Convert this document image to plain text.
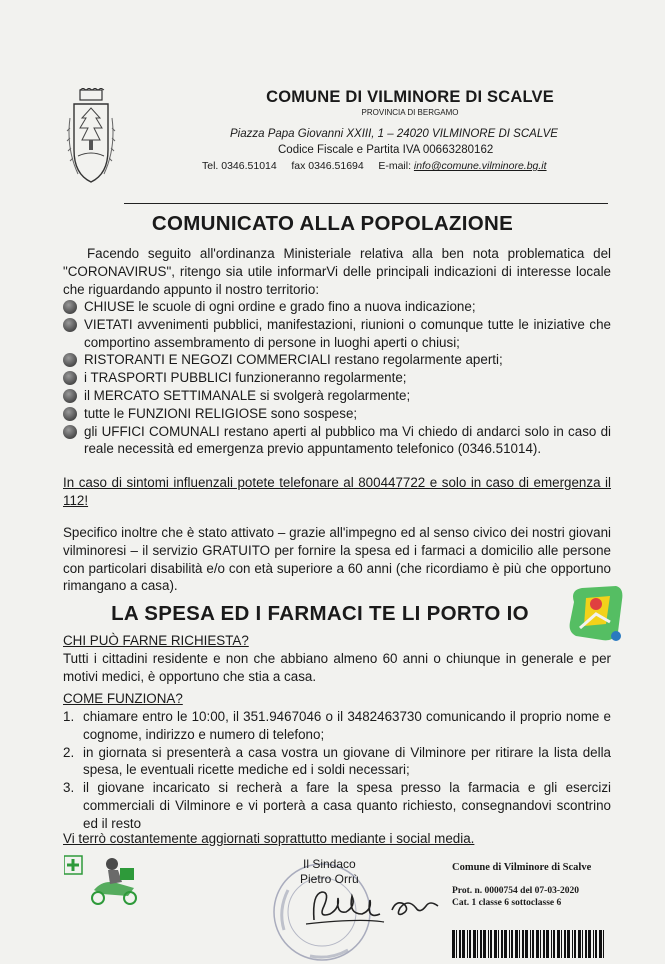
COMUNE DI VILMINORE DI SCALVE
PROVINCIA DI BERGAMO
Piazza Papa Giovanni XXIII, 1 – 24020 VILMINORE DI SCALVE
Codice Fiscale e Partita IVA 00663280162
Tel. 0346.51014 fax 0346.51694 E-mail: info@comune.vilminore.bg.it
COMUNICATO ALLA POPOLAZIONE
Facendo seguito all'ordinanza Ministeriale relativa alla ben nota problematica del "CORONAVIRUS", ritengo sia utile informarVi delle principali indicazioni di interesse locale che riguardando appunto il nostro territorio:
CHIUSE le scuole di ogni ordine e grado fino a nuova indicazione;
VIETATI avvenimenti pubblici, manifestazioni, riunioni o comunque tutte le iniziative che comportino assembramento di persone in luoghi aperti o chiusi;
RISTORANTI E NEGOZI COMMERCIALI restano regolarmente aperti;
i TRASPORTI PUBBLICI funzioneranno regolarmente;
il MERCATO SETTIMANALE si svolgerà regolarmente;
tutte le FUNZIONI RELIGIOSE sono sospese;
gli UFFICI COMUNALI restano aperti al pubblico ma Vi chiedo di andarci solo in caso di reale necessità ed emergenza previo appuntamento telefonico (0346.51014).
In caso di sintomi influenzali potete telefonare al 800447722 e solo in caso di emergenza il 112!
Specifico inoltre che è stato attivato – grazie all'impegno ed al senso civico dei nostri giovani vilminoresi – il servizio GRATUITO per fornire la spesa ed i farmaci a domicilio alle persone con particolari disabilità e/o con età superiore a 60 anni (che ricordiamo è più che opportuno rimangano a casa).
LA SPESA ED I FARMACI TE LI PORTO IO
CHI PUÒ FARNE RICHIESTA?
Tutti i cittadini residente e non che abbiano almeno 60 anni o chiunque in generale e per motivi medici, è opportuno che stia a casa.
COME FUNZIONA?
1. chiamare entro le 10:00, il 351.9467046 o il 3482463730 comunicando il proprio nome e cognome, indirizzo e numero di telefono;
2. in giornata si presenterà a casa vostra un giovane di Vilminore per ritirare la lista della spesa, le eventuali ricette mediche ed i soldi necessari;
3. il giovane incaricato si recherà a fare la spesa presso la farmacia e gli esercizi commerciali di Vilminore e vi porterà a casa quanto richiesto, consegnandovi scontrino ed il resto
Vi terrò costantemente aggiornati soprattutto mediante i social media.
Il Sindaco
Pietro Orrù
Comune di Vilminore di Scalve
Prot. n. 0000754 del 07-03-2020
Cat. 1 classe 6 sottoclasse 6
